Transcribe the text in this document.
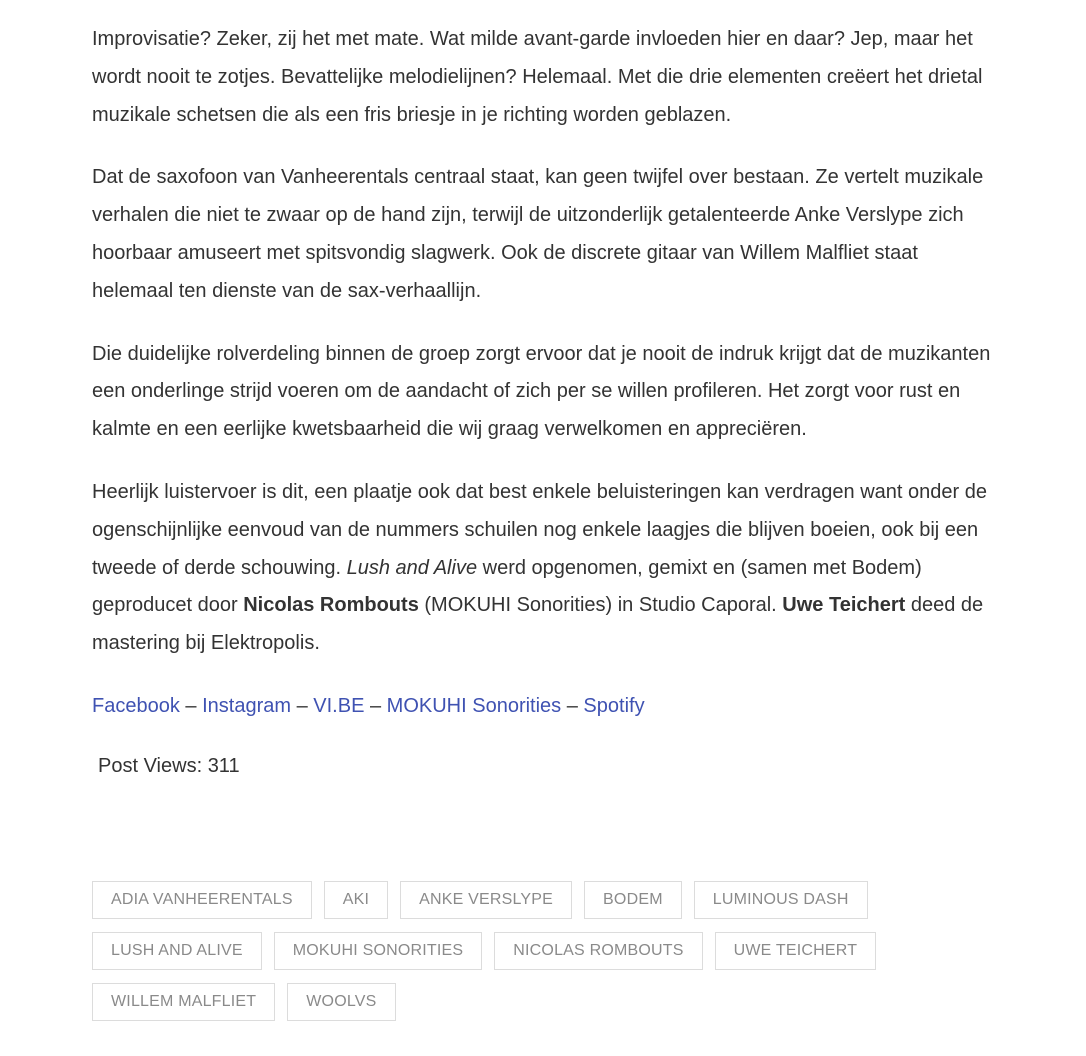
Improvisatie? Zeker, zij het met mate. Wat milde avant-garde invloeden hier en daar? Jep, maar het wordt nooit te zotjes. Bevattelijke melodielijnen? Helemaal. Met die drie elementen creëert het drietal muzikale schetsen die als een fris briesje in je richting worden geblazen.

Dat de saxofoon van Vanheerentals centraal staat, kan geen twijfel over bestaan. Ze vertelt muzikale verhalen die niet te zwaar op de hand zijn, terwijl de uitzonderlijk getalenteerde Anke Verslype zich hoorbaar amuseert met spitsvondig slagwerk. Ook de discrete gitaar van Willem Malfliet staat helemaal ten dienste van de sax-verhaallijn.

Die duidelijke rolverdeling binnen de groep zorgt ervoor dat je nooit de indruk krijgt dat de muzikanten een onderlinge strijd voeren om de aandacht of zich per se willen profileren. Het zorgt voor rust en kalmte en een eerlijke kwetsbaarheid die wij graag verwelkomen en appreciëren.

Heerlijk luistervoer is dit, een plaatje ook dat best enkele beluisteringen kan verdragen want onder de ogenschijnlijke eenvoud van de nummers schuilen nog enkele laagjes die blijven boeien, ook bij een tweede of derde schouwing. Lush and Alive werd opgenomen, gemixt en (samen met Bodem) geproducet door Nicolas Rombouts (MOKUHI Sonorities) in Studio Caporal. Uwe Teichert deed de mastering bij Elektropolis.

Facebook – Instagram – VI.BE – MOKUHI Sonorities – Spotify

Post Views: 311
ADIA VANHEERENTALS	AKI	ANKE VERSLYPE	BODEM	LUMINOUS DASH
LUSH AND ALIVE	MOKUHI SONORITIES	NICOLAS ROMBOUTS	UWE TEICHERT
WILLEM MALFLIET	WOOLVS
